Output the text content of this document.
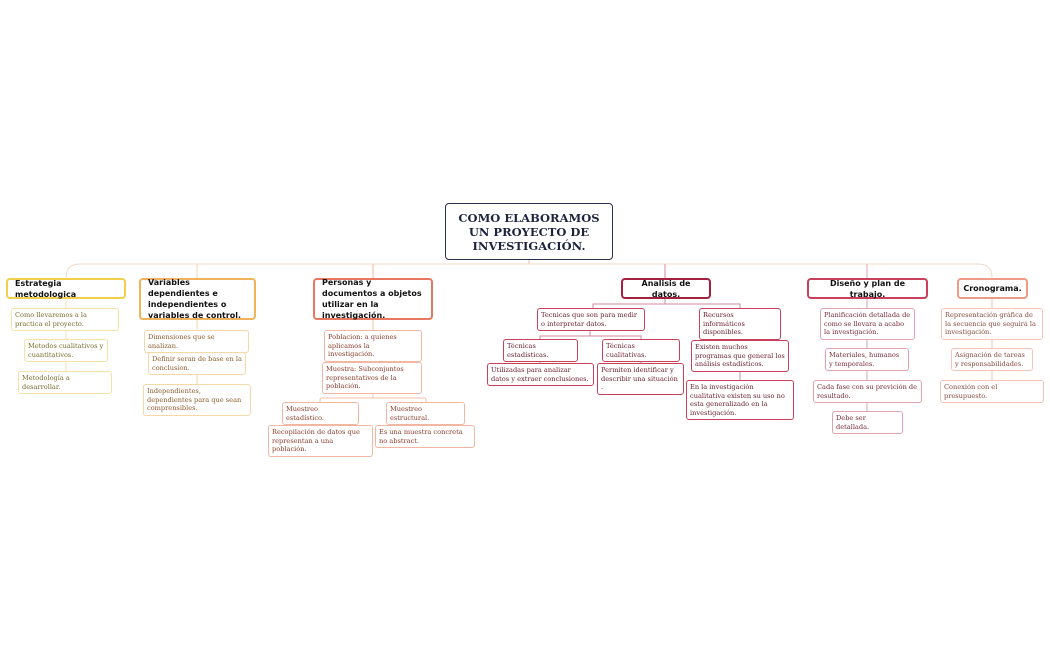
COMO ELABORAMOS
UN PROYECTO DE
INVESTIGACIÓN.
Estrategia metodologica
Como llevaremos a la practica el proyecto.
Metodos cualitativos y cuantitativos.
Metodología a desarrollar.
Variables dependientes e independientes o variables de control.
Dimensiones que se analizan.
Definir seran de base en la conclusion.
Independientes, dependientes para que sean comprensibles.
Personas y documentos a objetos utilizar en la investigación.
Poblacion: a quienes aplicamos la investigación.
Muestra: Subconjuntos representativos de la población.
Muestreo estadístico.
Muestreo estructural.
Recopilación de datos que representan a una población.
Es una muestra concreta no abstract.
Analisis de datos.
Tecnicas que son para medir o interpretar datos.
Técnicas estadísticas.
Técnicas cualitativas.
Utilizadas para analizar datos y extraer conclusiones.
Permiten identificar y describir una situación .
Recursos informáticos disponibles.
Existen muchos programas que general los análisis estadísticos.
En la investigación cualitativa existen su uso no esta generalizado en la investigación.
Diseño y plan de trabajo.
Planificación detallada de como se llevara a acabo la investigación.
Materiales, humanos y temporales.
Cada fase con su previción de resultado.
Debe ser detallada.
Cronograma.
Representación gráfica de la secuencia que seguirá la investigación.
Asignación de tareas y responsabilidades.
Conexión con el presupuesto.
